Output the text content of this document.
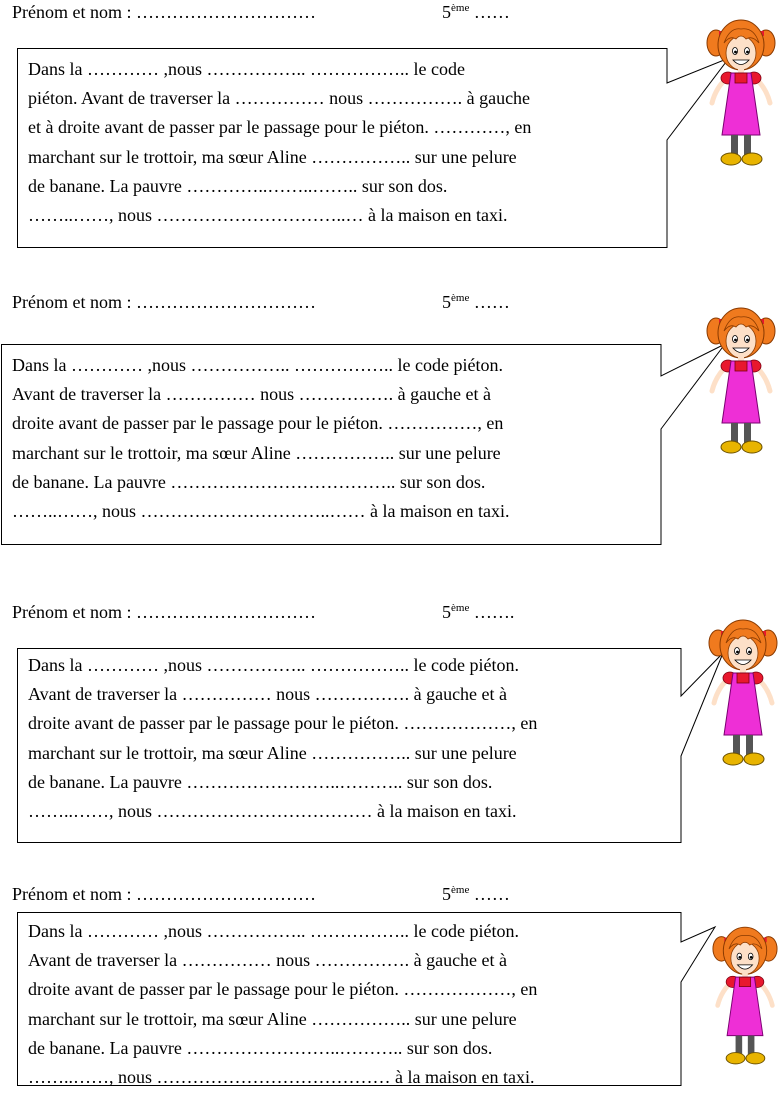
Prénom et nom : …………………………	5ème ……
Dans la ………… ,nous …………….. …………….. le code
piéton. Avant de traverser la …………… nous ……………. à gauche
et à droite avant de passer par le passage pour le piéton. …………, en
marchant sur le trottoir, ma sœur Aline …………….. sur une pelure
de banane. La pauvre …………..……..…….. sur son dos.
……..……, nous …………………………..… à la maison en taxi.
Prénom et nom : …………………………	5ème ……
Dans la ………… ,nous …………….. …………….. le code piéton.
Avant de traverser la …………… nous ……………. à gauche et à
droite avant de passer par le passage pour le piéton. ……………, en
marchant sur le trottoir, ma sœur Aline …………….. sur une pelure
de banane. La pauvre ……………………………….. sur son dos.
……..……, nous …………………………..…… à la maison en taxi.
Prénom et nom : …………………………	5ème …….
Dans la ………… ,nous …………….. …………….. le code piéton.
Avant de traverser la …………… nous ……………. à gauche et à
droite avant de passer par le passage pour le piéton. ………………, en
marchant sur le trottoir, ma sœur Aline …………….. sur une pelure
de banane. La pauvre ……………………..……….. sur son dos.
……..……, nous ……………………………… à la maison en taxi.
Prénom et nom : …………………………	5ème ……
Dans la ………… ,nous …………….. …………….. le code piéton.
Avant de traverser la …………… nous ……………. à gauche et à
droite avant de passer par le passage pour le piéton. ………………, en
marchant sur le trottoir, ma sœur Aline …………….. sur une pelure
de banane. La pauvre ……………………..……….. sur son dos.
……..……, nous ………………………………… à la maison en taxi.
